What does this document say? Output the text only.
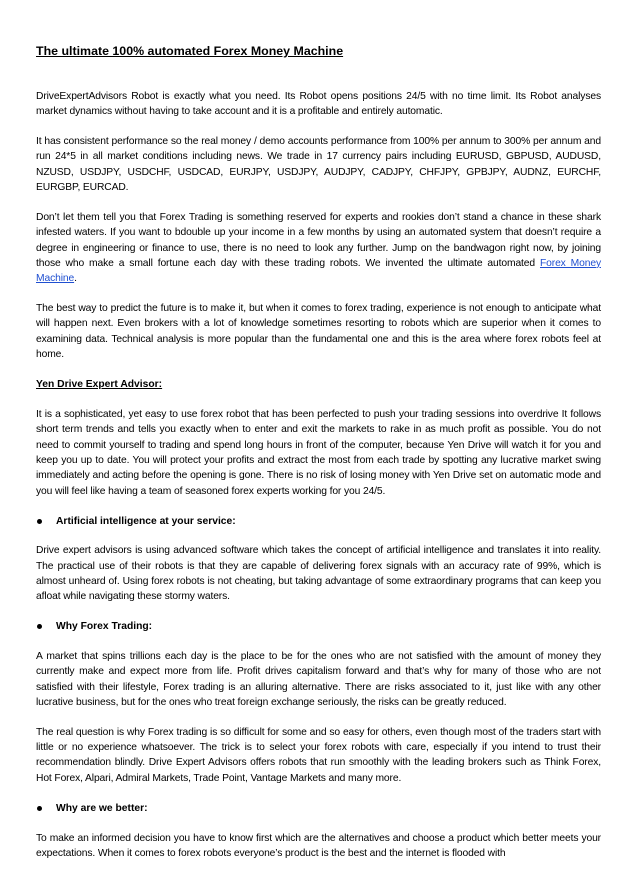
The ultimate 100% automated Forex Money Machine

DriveExpertAdvisors Robot is exactly what you need. Its Robot opens positions 24/5 with no time limit. Its Robot analyses market dynamics without having to take account and it is a profitable and entirely automatic.

It has consistent performance so the real money / demo accounts performance from 100% per annum to 300% per annum and run 24*5 in all market conditions including news. We trade in 17 currency pairs including EURUSD, GBPUSD, AUDUSD, NZUSD, USDJPY, USDCHF, USDCAD, EURJPY, USDJPY, AUDJPY, CADJPY, CHFJPY, GPBJPY, AUDNZ, EURCHF, EURGBP, EURCAD.

Don’t let them tell you that Forex Trading is something reserved for experts and rookies don’t stand a chance in these shark infested waters. If you want to bdouble up your income in a few months by using an automated system that doesn’t require a degree in engineering or finance to use, there is no need to look any further. Jump on the bandwagon right now, by joining those who make a small fortune each day with these trading robots. We invented the ultimate automated Forex Money Machine.

The best way to predict the future is to make it, but when it comes to forex trading, experience is not enough to anticipate what will happen next. Even brokers with a lot of knowledge sometimes resorting to robots which are superior when it comes to examining data. Technical analysis is more popular than the fundamental one and this is the area where forex robots feel at home.

Yen Drive Expert Advisor:

It is a sophisticated, yet easy to use forex robot that has been perfected to push your trading sessions into overdrive It follows short term trends and tells you exactly when to enter and exit the markets to rake in as much profit as possible. You do not need to commit yourself to trading and spend long hours in front of the computer, because Yen Drive will watch it for you and keep you up to date. You will protect your profits and extract the most from each trade by spotting any lucrative market swing immediately and acting before the opening is gone. There is no risk of losing money with Yen Drive set on automatic mode and you will feel like having a team of seasoned forex experts working for you 24/5.

Artificial intelligence at your service:

Drive expert advisors is using advanced software which takes the concept of artificial intelligence and translates it into reality. The practical use of their robots is that they are capable of delivering forex signals with an accuracy rate of 99%, which is almost unheard of. Using forex robots is not cheating, but taking advantage of some extraordinary programs that can keep you afloat while navigating these stormy waters.

Why Forex Trading:

A market that spins trillions each day is the place to be for the ones who are not satisfied with the amount of money they currently make and expect more from life. Profit drives capitalism forward and that’s why for many of those who are not satisfied with their lifestyle, Forex trading is an alluring alternative. There are risks associated to it, just like with any other lucrative business, but for the ones who treat foreign exchange seriously, the risks can be greatly reduced.

The real question is why Forex trading is so difficult for some and so easy for others, even though most of the traders start with little or no experience whatsoever. The trick is to select your forex robots with care, especially if you intend to trust their recommendation blindly. Drive Expert Advisors offers robots that run smoothly with the leading brokers such as Think Forex, Hot Forex, Alpari, Admiral Markets, Trade Point, Vantage Markets and many more.

Why are we better:

To make an informed decision you have to know first which are the alternatives and choose a product which better meets your expectations. When it comes to forex robots everyone’s product is the best and the internet is flooded with
